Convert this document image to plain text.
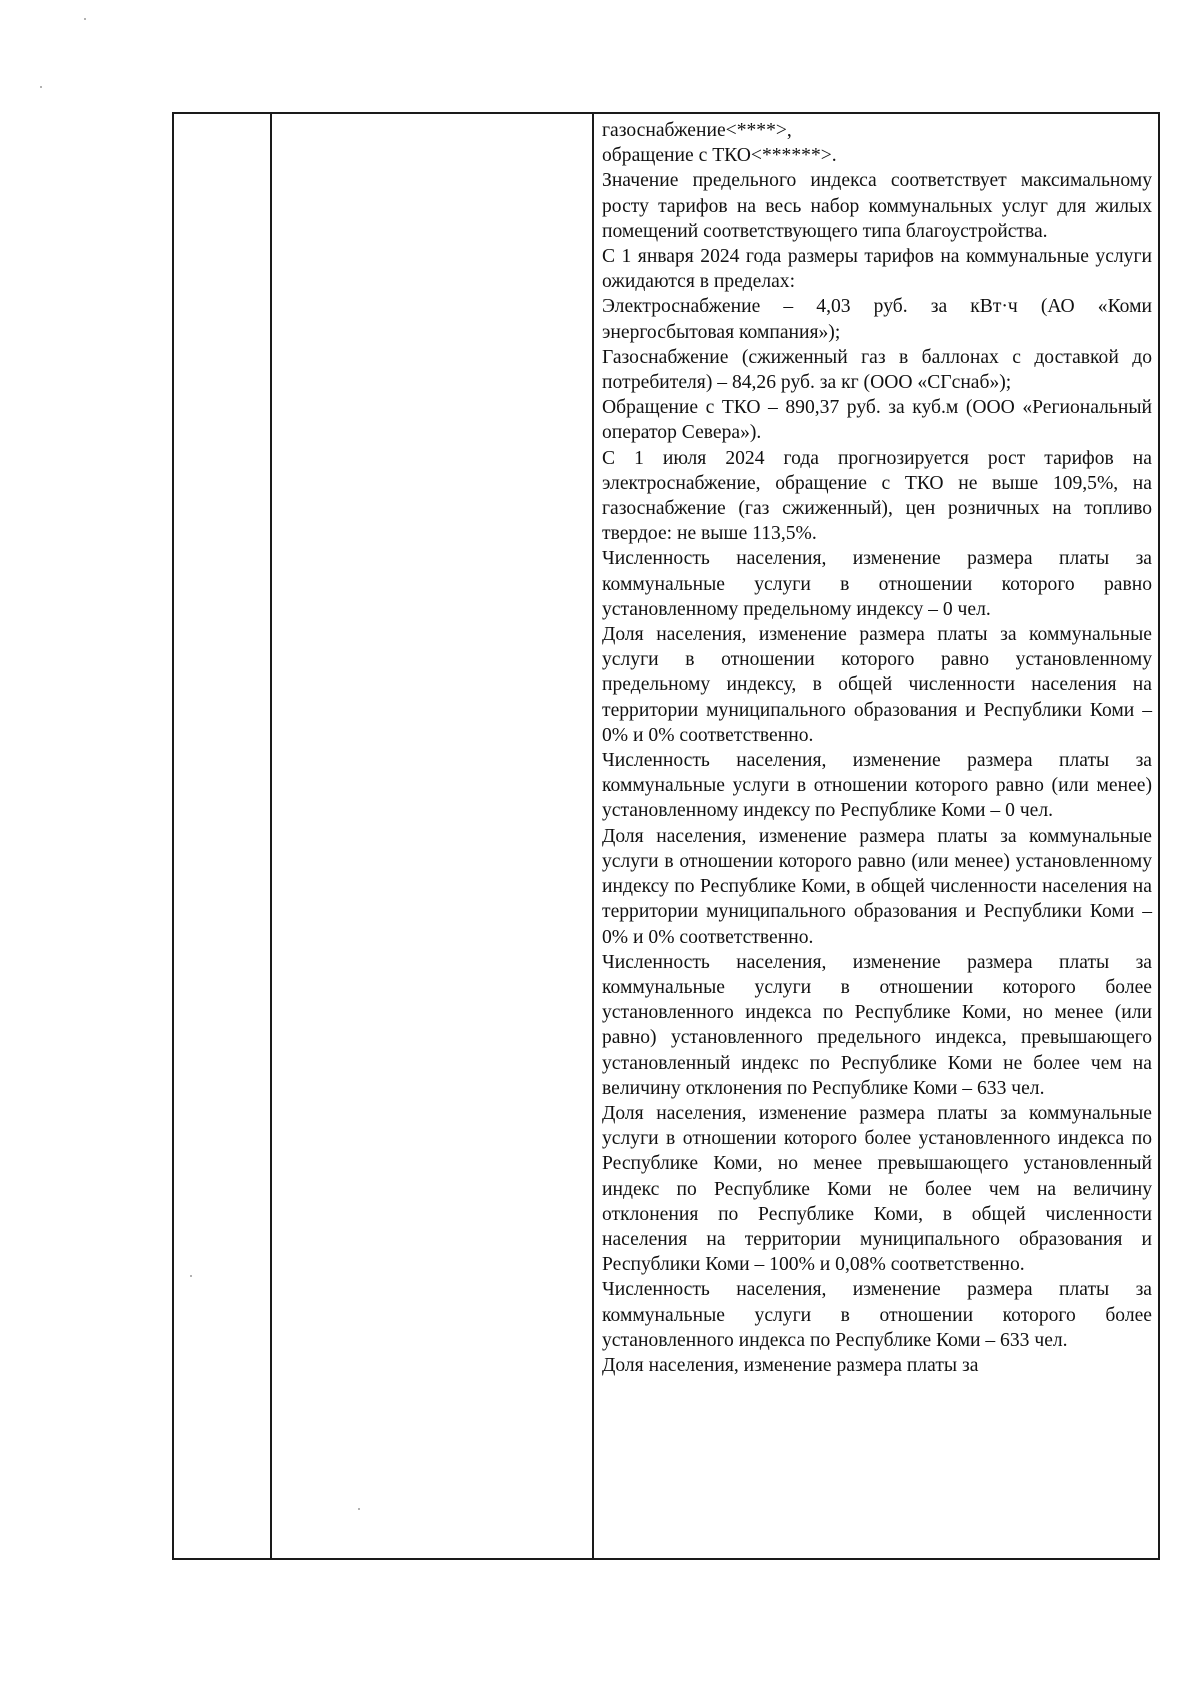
газоснабжение<****>,

обращение с ТКО<******>.

Значение предельного индекса соответствует максимальному росту тарифов на весь набор коммунальных услуг для жилых помещений соответствующего типа благоустройства.

С 1 января 2024 года размеры тарифов на коммунальные услуги ожидаются в пределах:

Электроснабжение – 4,03 руб. за кВт·ч (АО «Коми энергосбытовая компания»);

Газоснабжение (сжиженный газ в баллонах с доставкой до потребителя) – 84,26 руб. за кг (ООО «СГснаб»);

Обращение с ТКО – 890,37 руб. за куб.м (ООО «Региональный оператор Севера»).

С 1 июля 2024 года прогнозируется рост тарифов на электроснабжение, обращение с ТКО не выше 109,5%, на газоснабжение (газ сжиженный), цен розничных на топливо твердое: не выше 113,5%.

Численность населения, изменение размера платы за коммунальные услуги в отношении которого равно установленному предельному индексу – 0 чел.

Доля населения, изменение размера платы за коммунальные услуги в отношении которого равно установленному предельному индексу, в общей численности населения на территории муниципального образования и Республики Коми – 0% и 0% соответственно.

Численность населения, изменение размера платы за коммунальные услуги в отношении которого равно (или менее) установленному индексу по Республике Коми – 0 чел.

Доля населения, изменение размера платы за коммунальные услуги в отношении которого равно (или менее) установленному индексу по Республике Коми, в общей численности населения на территории муниципального образования и Республики Коми – 0% и 0% соответственно.

Численность населения, изменение размера платы за коммунальные услуги в отношении которого более установленного индекса по Республике Коми, но менее (или равно) установленного предельного индекса, превышающего установленный индекс по Республике Коми не более чем на величину отклонения по Республике Коми – 633 чел.

Доля населения, изменение размера платы за коммунальные услуги в отношении которого более установленного индекса по Республике Коми, но менее превышающего установленный индекс по Республике Коми не более чем на величину отклонения по Республике Коми, в общей численности населения на территории муниципального образования и Республики Коми – 100% и 0,08% соответственно.

Численность населения, изменение размера платы за коммунальные услуги в отношении которого более установленного индекса по Республике Коми – 633 чел.

Доля населения, изменение размера платы за
